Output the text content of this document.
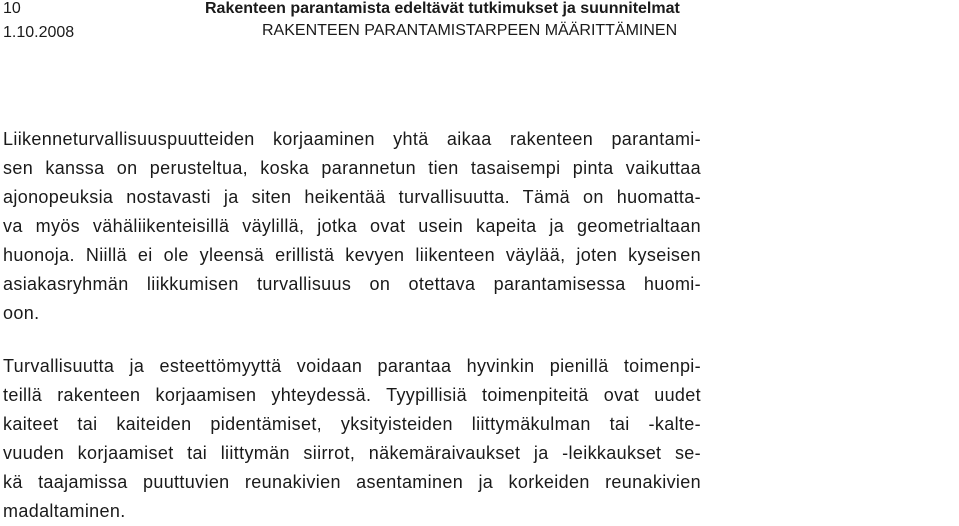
10
1.10.2008
Rakenteen parantamista edeltävät tutkimukset ja suunnitelmat
RAKENTEEN PARANTAMISTARPEEN MÄÄRITTÄMINEN
Liikenneturvallisuuspuutteiden korjaaminen yhtä aikaa rakenteen parantami-
sen kanssa on perusteltua, koska parannetun tien tasaisempi pinta vaikuttaa
ajonopeuksia nostavasti ja siten heikentää turvallisuutta. Tämä on huomatta-
va myös vähäliikenteisillä väylillä, jotka ovat usein kapeita ja geometrialtaan
huonoja. Niillä ei ole yleensä erillistä kevyen liikenteen väylää, joten kyseisen
asiakasryhmän liikkumisen turvallisuus on otettava parantamisessa huomi-
oon.
Turvallisuutta ja esteettömyyttä voidaan parantaa hyvinkin pienillä toimenpi-
teillä rakenteen korjaamisen yhteydessä. Tyypillisiä toimenpiteitä ovat uudet
kaiteet tai kaiteiden pidentämiset, yksityisteiden liittymäkulman tai -kalte-
vuuden korjaamiset tai liittymän siirrot, näkemäraivaukset ja -leikkaukset se-
kä taajamissa puuttuvien reunakivien asentaminen ja korkeiden reunakivien
madaltaminen.
